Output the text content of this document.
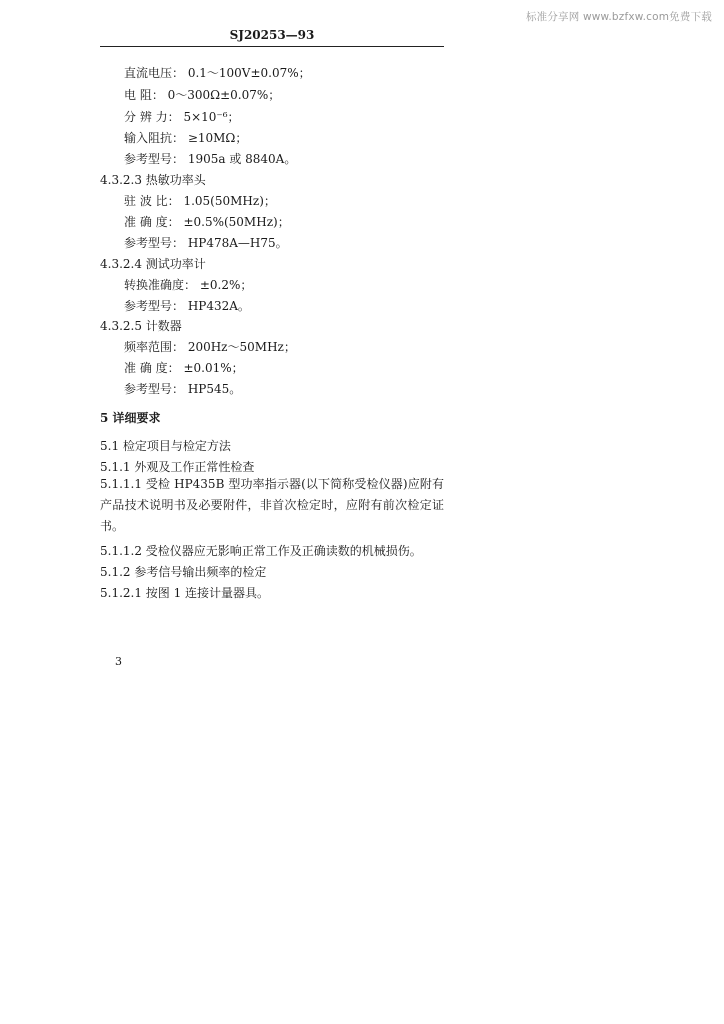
标准分享网 www.bzfxw.com免费下载
SJ20253—93
直流电压： 0.1～100V±0.07%；
电 阻： 0～300Ω±0.07%；
分 辨 力： 5×10⁻⁶；
输入阻抗： ≥10MΩ；
参考型号： 1905a 或 8840A。
4.3.2.3 热敏功率头
驻 波 比： 1.05(50MHz)；
准 确 度： ±0.5%(50MHz)；
参考型号： HP478A—H75。
4.3.2.4 测试功率计
转换准确度： ±0.2%；
参考型号： HP432A。
4.3.2.5 计数器
频率范围： 200Hz～50MHz；
准 确 度： ±0.01%；
参考型号： HP545。
5 详细要求
5.1 检定项目与检定方法
5.1.1 外观及工作正常性检查
5.1.1.1 受检 HP435B 型功率指示器(以下简称受检仪器)应附有产品技术说明书及必要附件，非首次检定时，应附有前次检定证书。
5.1.1.2 受检仪器应无影响正常工作及正确读数的机械损伤。
5.1.2 参考信号输出频率的检定
5.1.2.1 按图 1 连接计量器具。
3
